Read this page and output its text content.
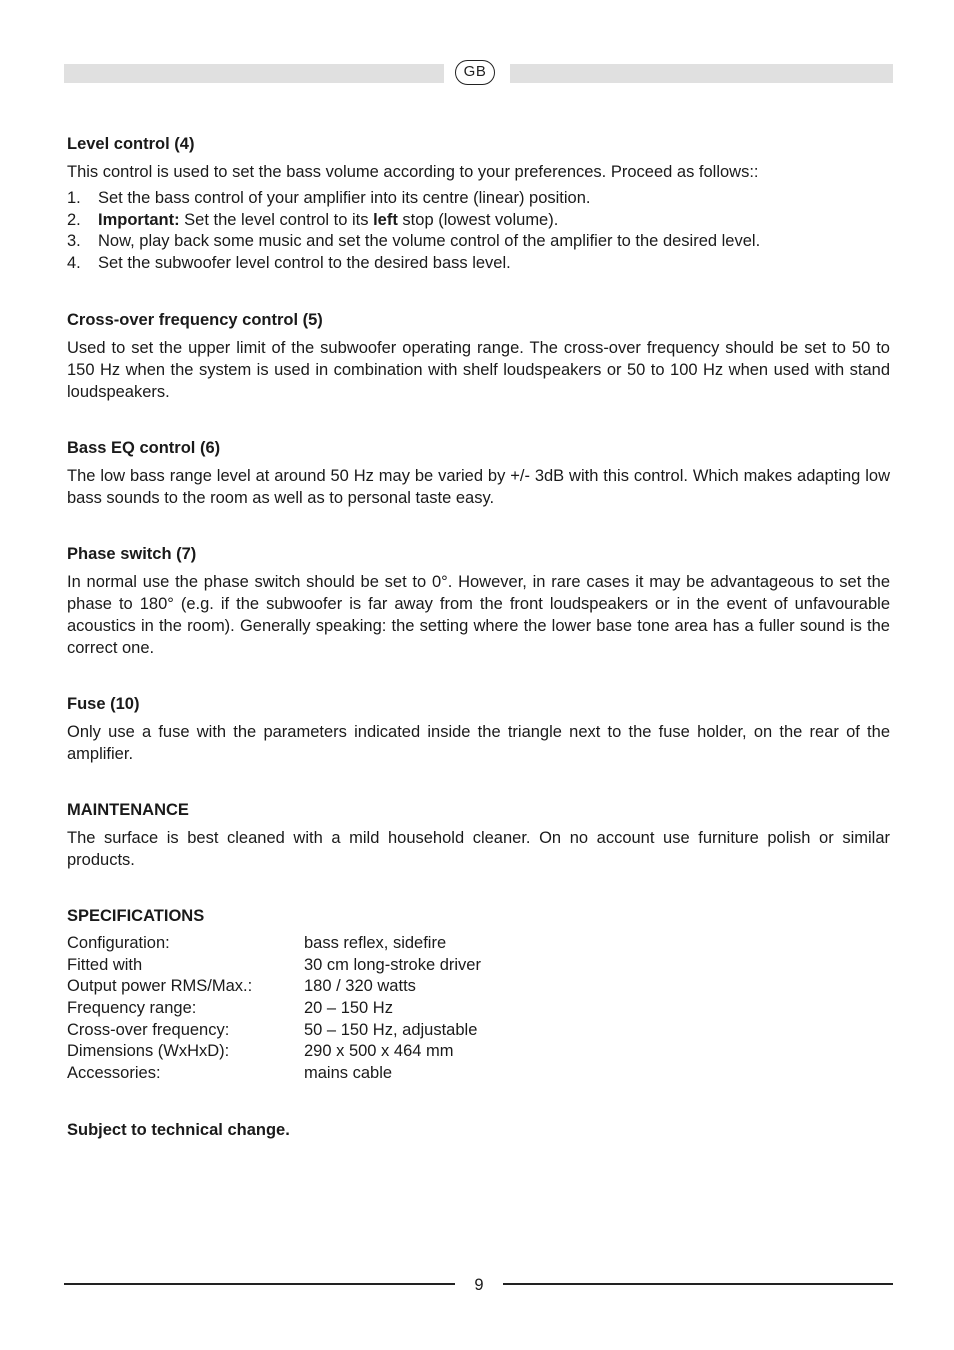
GB
Level control (4)

This control is used to set the bass volume according to your preferences. Proceed as follows::

1.	Set the bass control of your amplifier into its centre (linear) position.
2.	Important: Set the level control to its left stop (lowest volume).
3.	Now, play back some music and set the volume control of the amplifier to the desired level.
4.	Set the subwoofer level control to the desired bass level.
Cross-over frequency control (5)

Used to set the upper limit of the subwoofer operating range. The cross-over frequency should be set to 50 to 150 Hz when the system is used in combination with shelf loudspeakers or 50 to 100 Hz when used with stand loudspeakers.

Bass EQ control (6)

The low bass range level at around 50 Hz may be varied by +/- 3dB with this control. Which makes adapting low bass sounds to the room as well as to personal taste easy.

Phase switch (7)

In normal use the phase switch should be set to 0°. However, in rare cases it may be advantageous to set the phase to 180° (e.g. if the subwoofer is far away from the front loudspeakers or in the event of unfavourable acoustics in the room). Generally speaking: the setting where the lower base tone area has a fuller sound is the correct one.

Fuse (10)

Only use a fuse with the parameters indicated inside the triangle next to the fuse holder, on the rear of the amplifier.

MAINTENANCE

The surface is best cleaned with a mild household cleaner. On no account use furniture polish or similar products.

SPECIFICATIONS
Configuration:	bass reflex, sidefire
Fitted with	30 cm long-stroke driver
Output power RMS/Max.:	180 / 320 watts
Frequency range:	20 – 150 Hz
Cross-over frequency:	50 – 150 Hz, adjustable
Dimensions (WxHxD):	290 x 500 x 464 mm
Accessories:	mains cable
Subject to technical change.
9
